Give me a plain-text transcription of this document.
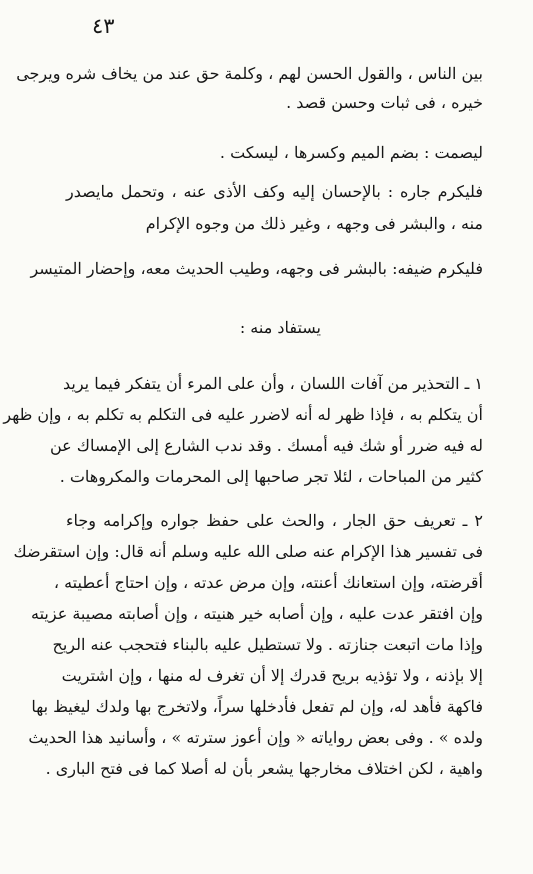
٤٣
بين الناس ، والقول الحسن لهم ، وكلمة حق عند من يخاف شره ويرجى
خيره ، فى ثبات وحسن قصد .
ليصمت : بضم الميم وكسرها ، ليسكت .
فليكرم جاره : بالإحسان إليه وكف الأذى عنه ، وتحمل مايصدر
منه ، والبشر فى وجهه ، وغير ذلك من وجوه الإكرام
فليكرم ضيفه: بالبشر فى وجهه، وطيب الحديث معه، وإحضار المتيسر
يستفاد منه :
١ ـ التحذير من آفات اللسان ، وأن على المرء أن يتفكر فيما يريد
أن يتكلم به ، فإذا ظهر له أنه لاضرر عليه فى التكلم به تكلم به ، وإن ظهر
له فيه ضرر أو شك فيه أمسك . وقد ندب الشارع إلى الإمساك عن
كثير من المباحات ، لئلا تجر صاحبها إلى المحرمات والمكروهات .
٢ ـ تعريف حق الجار ، والحث على حفظ جواره وإكرامه وجاء
فى تفسير هذا الإكرام عنه صلى الله عليه وسلم أنه قال: وإن استقرضك
أقرضته، وإن استعانك أعنته، وإن مرض عدته ، وإن احتاج أعطيته ،
وإن افتقر عدت عليه ، وإن أصابه خير هنيته ، وإن أصابته مصيبة عزيته
وإذا مات اتبعت جنازته . ولا تستطيل عليه بالبناء فتحجب عنه الريح
إلا بإذنه ، ولا تؤذيه بريح قدرك إلا أن تغرف له منها ، وإن اشتريت
فاكهة فأهد له، وإن لم تفعل فأدخلها سراً، ولاتخرج بها ولدك ليغيظ بها
ولده » . وفى بعض رواياته « وإن أعوز سترته » ، وأسانيد هذا الحديث
واهية ، لكن اختلاف مخارجها يشعر بأن له أصلا كما فى فتح البارى .
